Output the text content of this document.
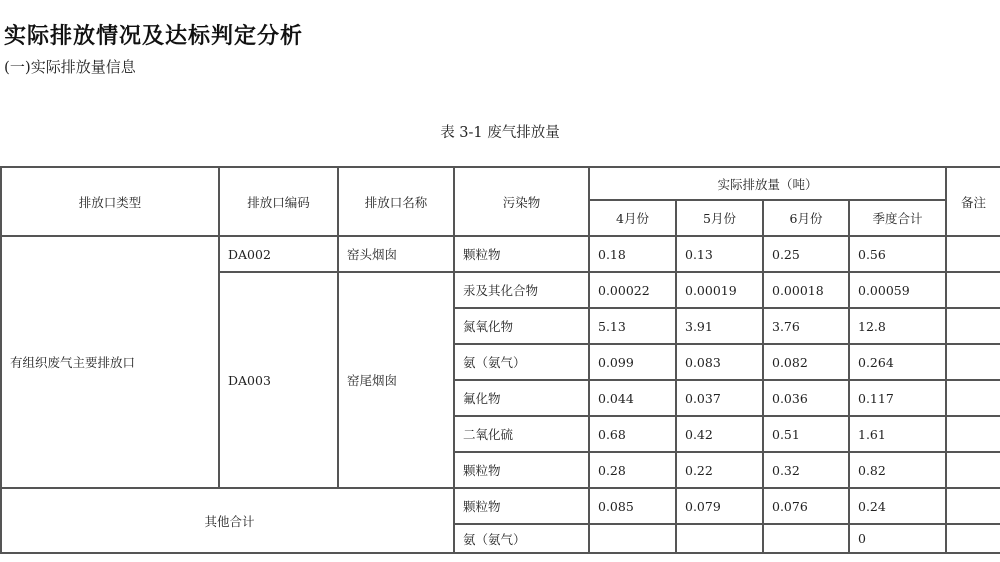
实际排放情况及达标判定分析
(一)实际排放量信息
表 3-1 废气排放量
排放口类型	排放口编码	排放口名称	污染物	实际排放量（吨）				备注
				4月份	5月份	6月份	季度合计	
有组织废气主要排放口	DA002	窑头烟囱	颗粒物	0.18	0.13	0.25	0.56	
	DA003	窑尾烟囱	汞及其化合物	0.00022	0.00019	0.00018	0.00059	
			氮氧化物	5.13	3.91	3.76	12.8	
			氨（氨气）	0.099	0.083	0.082	0.264	
			氟化物	0.044	0.037	0.036	0.117	
			二氧化硫	0.68	0.42	0.51	1.61	
			颗粒物	0.28	0.22	0.32	0.82	
其他合计			颗粒物	0.085	0.079	0.076	0.24	
			氨（氨气）				0	
